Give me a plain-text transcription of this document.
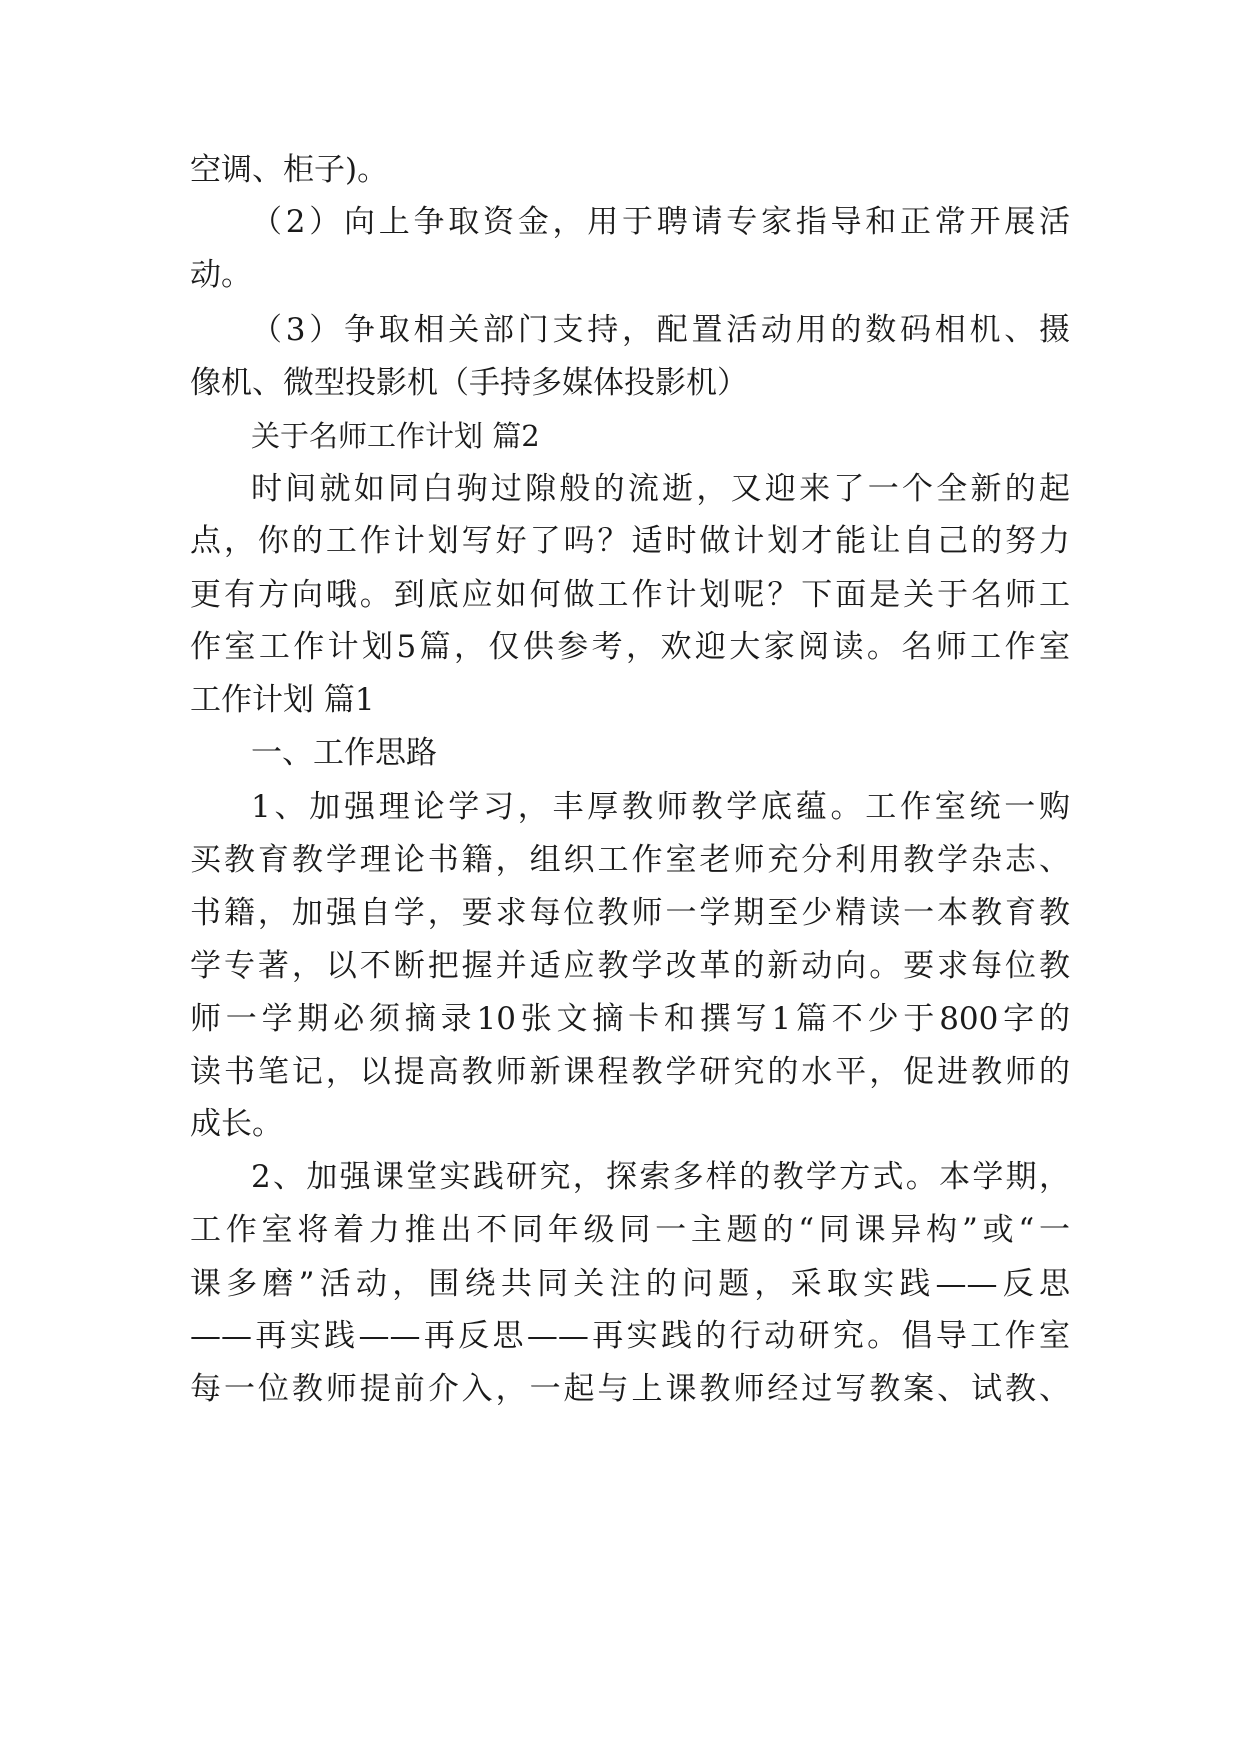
空调、柜子)。
（2）向上争取资金，用于聘请专家指导和正常开展活
动。
（3）争取相关部门支持，配置活动用的数码相机、摄
像机、微型投影机（手持多媒体投影机）
关于名师工作计划 篇2
时间就如同白驹过隙般的流逝，又迎来了一个全新的起
点，你的工作计划写好了吗？适时做计划才能让自己的努力
更有方向哦。到底应如何做工作计划呢？下面是关于名师工
作室工作计划5篇，仅供参考，欢迎大家阅读。名师工作室
工作计划 篇1
一、工作思路
1、加强理论学习，丰厚教师教学底蕴。工作室统一购
买教育教学理论书籍，组织工作室老师充分利用教学杂志、
书籍，加强自学，要求每位教师一学期至少精读一本教育教
学专著，以不断把握并适应教学改革的新动向。要求每位教
师一学期必须摘录10张文摘卡和撰写1篇不少于800字的
读书笔记，以提高教师新课程教学研究的水平，促进教师的
成长。
2、加强课堂实践研究，探索多样的教学方式。本学期，
工作室将着力推出不同年级同一主题的“同课异构”或“一
课多磨”活动，围绕共同关注的问题，采取实践——反思
——再实践——再反思——再实践的行动研究。倡导工作室
每一位教师提前介入，一起与上课教师经过写教案、试教、
